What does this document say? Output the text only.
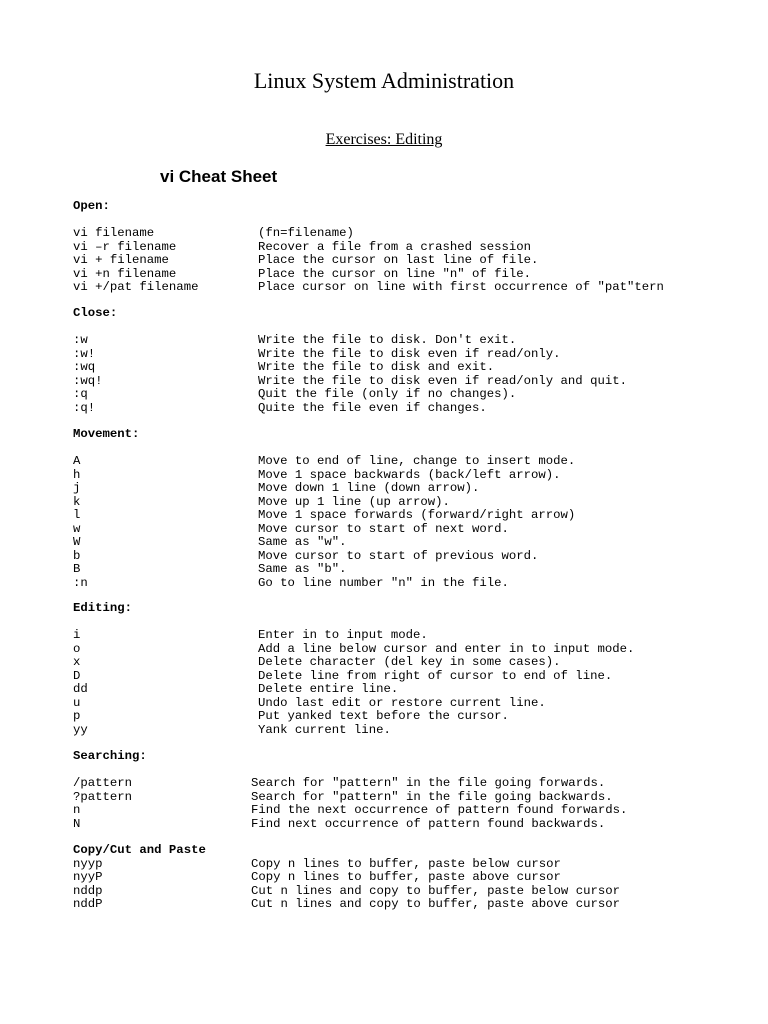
Linux System Administration
Exercises: Editing
vi Cheat Sheet
Open:
vi filename	(fn=filename)
vi –r filename	Recover a file from a crashed session
vi + filename	Place the cursor on last line of file.
vi +n filename	Place the cursor on line "n" of file.
vi +/pat filename	Place cursor on line with first occurrence of "pat"tern
Close:
:w	Write the file to disk. Don't exit.
:w!	Write the file to disk even if read/only.
:wq	Write the file to disk and exit.
:wq!	Write the file to disk even if read/only and quit.
:q	Quit the file (only if no changes).
:q!	Quite the file even if changes.
Movement:
A	Move to end of line, change to insert mode.
h	Move 1 space backwards (back/left arrow).
j	Move down 1 line (down arrow).
k	Move up 1 line (up arrow).
l	Move 1 space forwards (forward/right arrow)
w	Move cursor to start of next word.
W	Same as "w".
b	Move cursor to start of previous word.
B	Same as "b".
:n	Go to line number "n" in the file.
Editing:
i	Enter in to input mode.
o	Add a line below cursor and enter in to input mode.
x	Delete character (del key in some cases).
D	Delete line from right of cursor to end of line.
dd	Delete entire line.
u	Undo last edit or restore current line.
p	Put yanked text before the cursor.
yy	Yank current line.
Searching:
/pattern	Search for "pattern" in the file going forwards.
?pattern	Search for "pattern" in the file going backwards.
n	Find the next occurrence of pattern found forwards.
N	Find next occurrence of pattern found backwards.
Copy/Cut and Paste
nyyp	Copy n lines to buffer, paste below cursor
nyyP	Copy n lines to buffer, paste above cursor
nddp	Cut n lines and copy to buffer, paste below cursor
nddP	Cut n lines and copy to buffer, paste above cursor
